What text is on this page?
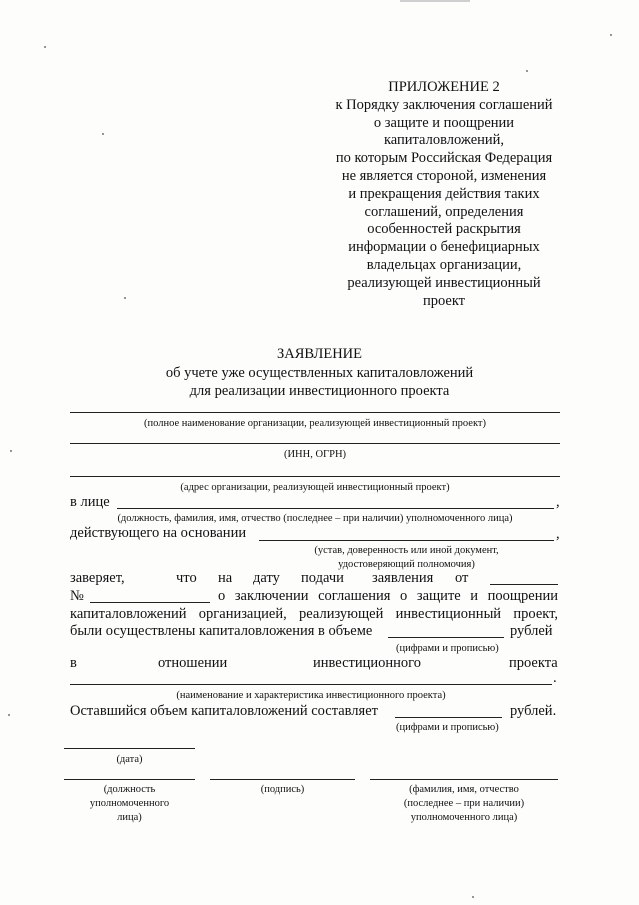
ПРИЛОЖЕНИЕ 2
к Порядку заключения соглашений
о защите и поощрении
капиталовложений,
по которым Российская Федерация
не является стороной, изменения
и прекращения действия таких
соглашений, определения
особенностей раскрытия
информации о бенефициарных
владельцах организации,
реализующей инвестиционный
проект
ЗАЯВЛЕНИЕ
об учете уже осуществленных капиталовложений
для реализации инвестиционного проекта
(полное наименование организации, реализующей инвестиционный проект)
(ИНН, ОГРН)
(адрес организации, реализующей инвестиционный проект)
в лице	,
(должность, фамилия, имя, отчество (последнее – при наличии) уполномоченного лица)
действующего на основании	,
(устав, доверенность или иной документ,
удостоверяющий полномочия)
заверяет,	что на дату подачи заявления от
№	о заключении соглашения о защите и поощрении
капиталовложений организацией, реализующей инвестиционный проект,
были осуществлены капиталовложения в объеме	рублей
(цифрами и прописью)
в	отношении	инвестиционного	проекта
.
(наименование и характеристика инвестиционного проекта)
Оставшийся объем капиталовложений составляет	рублей.
(цифрами и прописью)
(дата)
(должность
уполномоченного
лица)
(подпись)	(фамилия, имя, отчество
(последнее – при наличии)
уполномоченного лица)
